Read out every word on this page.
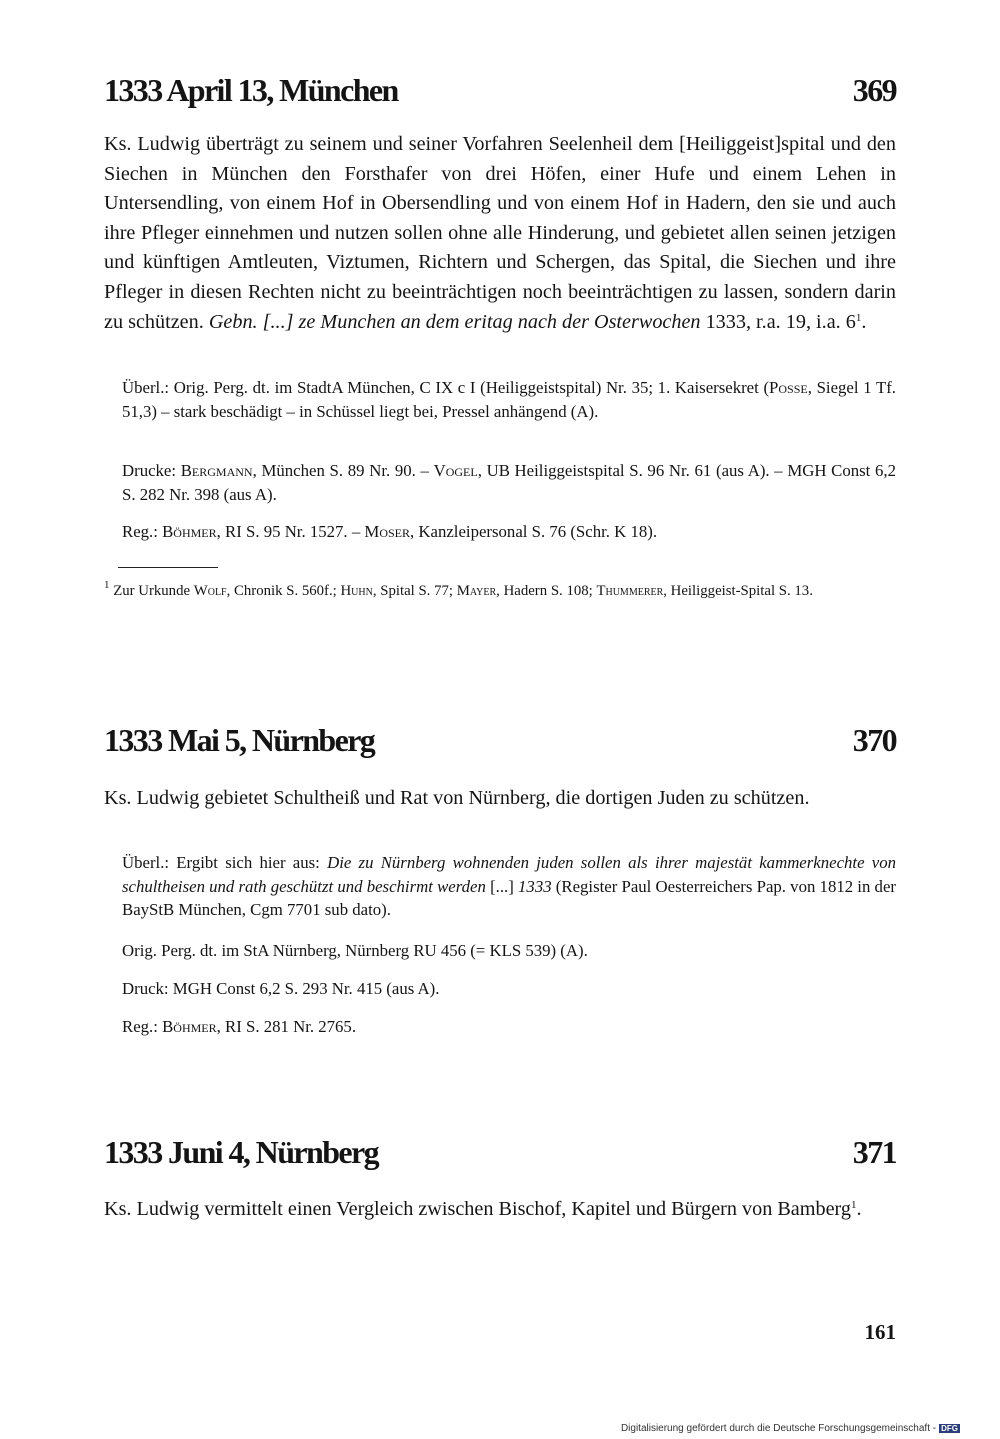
1333 April 13, München	369
Ks. Ludwig überträgt zu seinem und seiner Vorfahren Seelenheil dem [Heiliggeist]spital und den Siechen in München den Forsthafer von drei Höfen, einer Hufe und einem Lehen in Untersendling, von einem Hof in Obersendling und von einem Hof in Hadern, den sie und auch ihre Pfleger einnehmen und nutzen sollen ohne alle Hinderung, und gebietet allen seinen jetzigen und künftigen Amtleuten, Viztumen, Richtern und Schergen, das Spital, die Siechen und ihre Pfleger in diesen Rechten nicht zu beeinträchtigen noch beeinträchtigen zu lassen, sondern darin zu schützen. Gebn. [...] ze Munchen an dem eritag nach der Osterwochen 1333, r.a. 19, i.a. $6^1$.
Überl.: Orig. Perg. dt. im StadtA München, C IX c I (Heiliggeistspital) Nr. 35; 1. Kaisersekret (Posse, Siegel 1 Tf. 51,3) – stark beschädigt – in Schüssel liegt bei, Pressel anhängend (A).
Drucke: Bergmann, München S. 89 Nr. 90. – Vogel, UB Heiliggeistspital S. 96 Nr. 61 (aus A). – MGH Const 6,2 S. 282 Nr. 398 (aus A).
Reg.: Böhmer, RI S. 95 Nr. 1527. – Moser, Kanzleipersonal S. 76 (Schr. K 18).
$^1$ Zur Urkunde Wolf, Chronik S. 560f.; Huhn, Spital S. 77; Mayer, Hadern S. 108; Thummerer, Heiliggeist-Spital S. 13.
1333 Mai 5, Nürnberg	370
Ks. Ludwig gebietet Schultheiß und Rat von Nürnberg, die dortigen Juden zu schützen.
Überl.: Ergibt sich hier aus: Die zu Nürnberg wohnenden juden sollen als ihrer majestät kammerknechte von schultheisen und rath geschützt und beschirmt werden [...] 1333 (Register Paul Oesterreichers Pap. von 1812 in der BayStB München, Cgm 7701 sub dato).
Orig. Perg. dt. im StA Nürnberg, Nürnberg RU 456 (= KLS 539) (A).
Druck: MGH Const 6,2 S. 293 Nr. 415 (aus A).
Reg.: Böhmer, RI S. 281 Nr. 2765.
1333 Juni 4, Nürnberg	371
Ks. Ludwig vermittelt einen Vergleich zwischen Bischof, Kapitel und Bürgern von Bamberg$^1$.
161
Digitalisierung gefördert durch die Deutsche Forschungsgemeinschaft - DFG
